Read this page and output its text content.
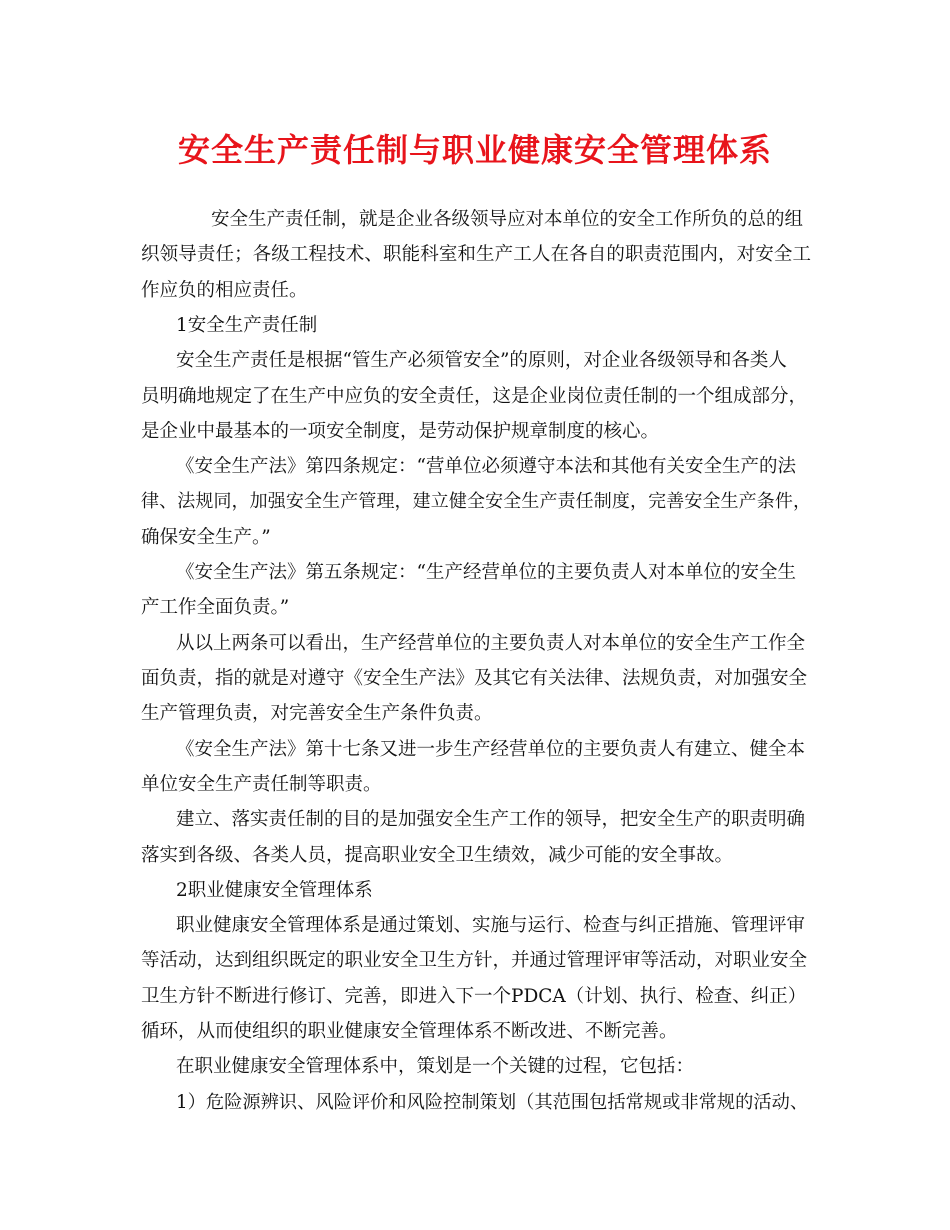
安全生产责任制与职业健康安全管理体系

安全生产责任制，就是企业各级领导应对本单位的安全工作所负的总的组

织领导责任；各级工程技术、职能科室和生产工人在各自的职责范围内，对安全工

作应负的相应责任。

1安全生产责任制

安全生产责任是根据“管生产必须管安全”的原则，对企业各级领导和各类人

员明确地规定了在生产中应负的安全责任，这是企业岗位责任制的一个组成部分，

是企业中最基本的一项安全制度，是劳动保护规章制度的核心。

《安全生产法》第四条规定：“营单位必须遵守本法和其他有关安全生产的法

律、法规同，加强安全生产管理，建立健全安全生产责任制度，完善安全生产条件，

确保安全生产。”

《安全生产法》第五条规定：“生产经营单位的主要负责人对本单位的安全生

产工作全面负责。”

从以上两条可以看出，生产经营单位的主要负责人对本单位的安全生产工作全

面负责，指的就是对遵守《安全生产法》及其它有关法律、法规负责，对加强安全

生产管理负责，对完善安全生产条件负责。

《安全生产法》第十七条又进一步生产经营单位的主要负责人有建立、健全本

单位安全生产责任制等职责。

建立、落实责任制的目的是加强安全生产工作的领导，把安全生产的职责明确

落实到各级、各类人员，提高职业安全卫生绩效，减少可能的安全事故。

2职业健康安全管理体系

职业健康安全管理体系是通过策划、实施与运行、检查与纠正措施、管理评审

等活动，达到组织既定的职业安全卫生方针，并通过管理评审等活动，对职业安全

卫生方针不断进行修订、完善，即进入下一个PDCA（计划、执行、检查、纠正）

循环，从而使组织的职业健康安全管理体系不断改进、不断完善。

在职业健康安全管理体系中，策划是一个关键的过程，它包括：

1）危险源辨识、风险评价和风险控制策划（其范围包括常规或非常规的活动、
